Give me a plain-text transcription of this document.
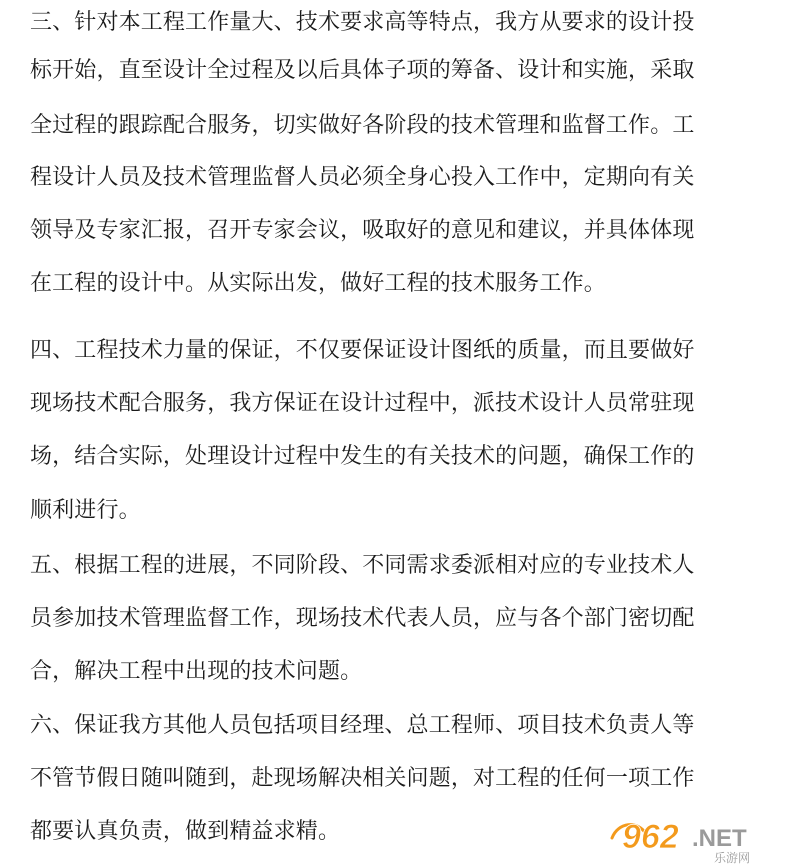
三、针对本工程工作量大、技术要求高等特点，我方从要求的设计投
标开始，直至设计全过程及以后具体子项的筹备、设计和实施，采取
全过程的跟踪配合服务，切实做好各阶段的技术管理和监督工作。工
程设计人员及技术管理监督人员必须全身心投入工作中，定期向有关
领导及专家汇报，召开专家会议，吸取好的意见和建议，并具体体现
在工程的设计中。从实际出发，做好工程的技术服务工作。
四、工程技术力量的保证，不仅要保证设计图纸的质量，而且要做好
现场技术配合服务，我方保证在设计过程中，派技术设计人员常驻现
场，结合实际，处理设计过程中发生的有关技术的问题，确保工作的
顺利进行。
五、根据工程的进展，不同阶段、不同需求委派相对应的专业技术人
员参加技术管理监督工作，现场技术代表人员，应与各个部门密切配
合，解决工程中出现的技术问题。
六、保证我方其他人员包括项目经理、总工程师、项目技术负责人等
不管节假日随叫随到，赴现场解决相关问题，对工程的任何一项工作
都要认真负责，做到精益求精。	962 .NET
乐游网
